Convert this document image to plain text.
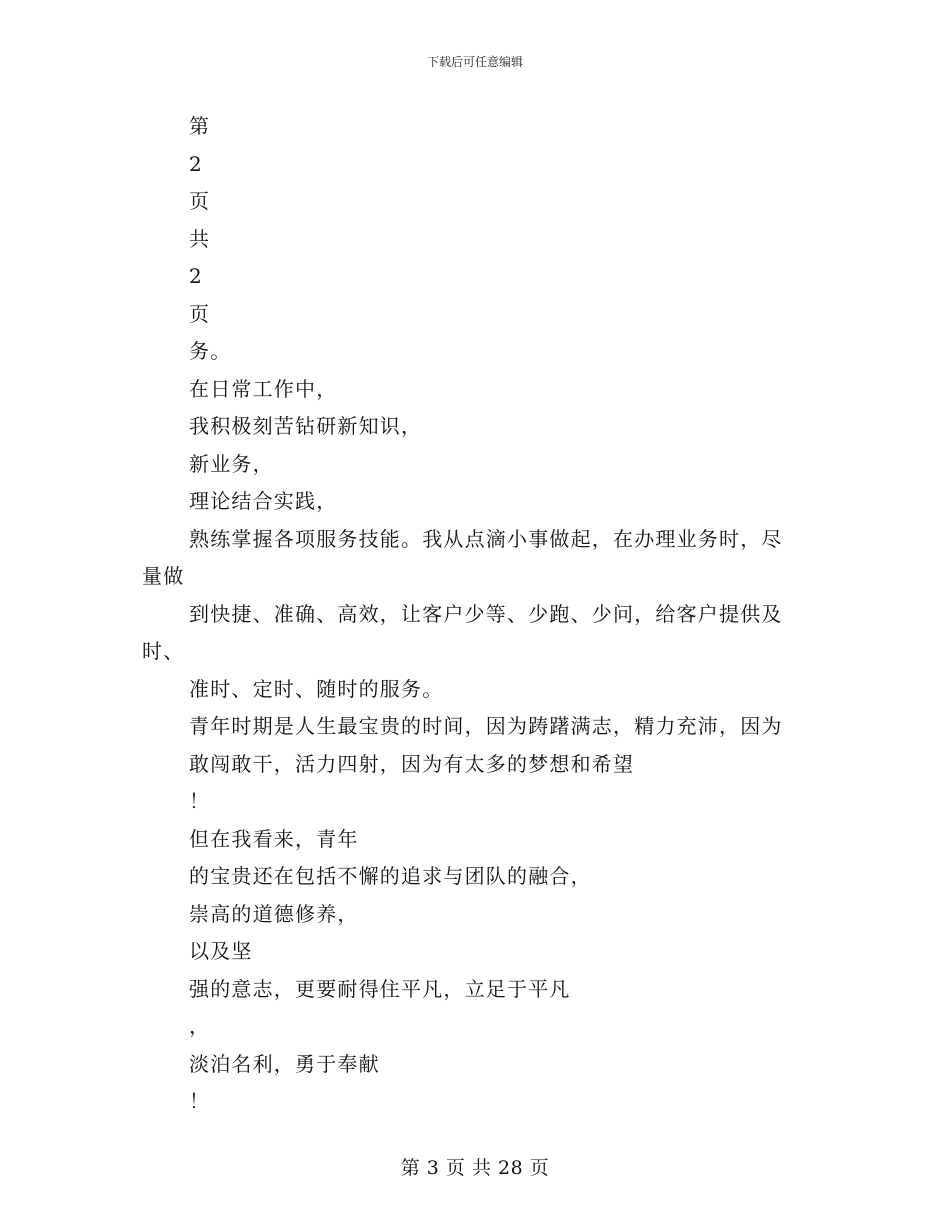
下载后可任意编辑
第
2
页
共
2
页
务。
在日常工作中，
我积极刻苦钻研新知识，
新业务，
理论结合实践，
熟练掌握各项服务技能。我从点滴小事做起，在办理业务时，尽
量做
到快捷、准确、高效，让客户少等、少跑、少问，给客户提供及
时、
准时、定时、随时的服务。
青年时期是人生最宝贵的时间，因为踌躇满志，精力充沛，因为
敢闯敢干，活力四射，因为有太多的梦想和希望
！
但在我看来，青年
的宝贵还在包括不懈的追求与团队的融合，
崇高的道德修养，
以及坚
强的意志，更要耐得住平凡，立足于平凡
，
淡泊名利，勇于奉献
！
第 3 页 共 28 页
